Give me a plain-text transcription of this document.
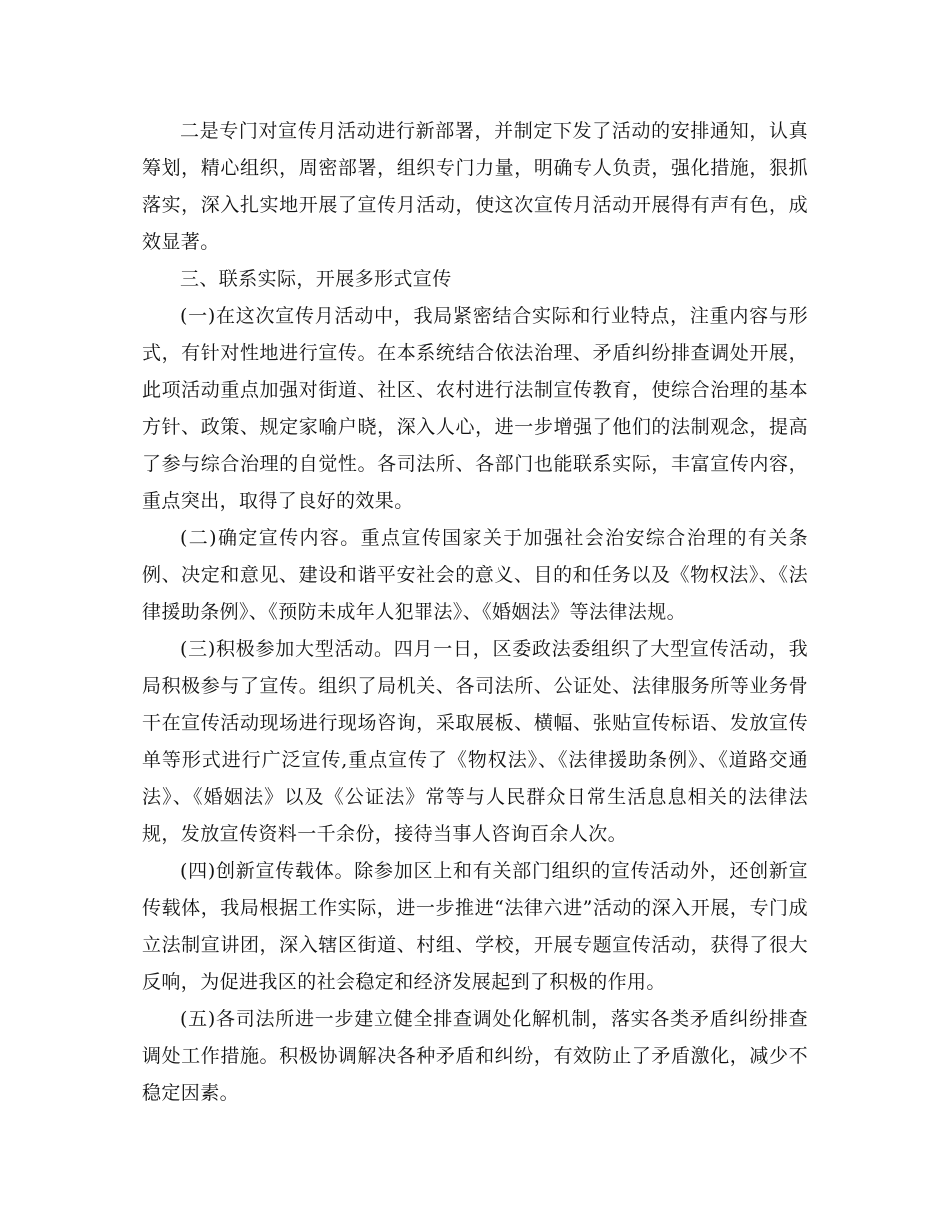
二是专门对宣传月活动进行新部署，并制定下发了活动的安排通知，认真筹划，精心组织，周密部署，组织专门力量，明确专人负责，强化措施，狠抓落实，深入扎实地开展了宣传月活动，使这次宣传月活动开展得有声有色，成效显著。

三、联系实际，开展多形式宣传

(一)在这次宣传月活动中，我局紧密结合实际和行业特点，注重内容与形式，有针对性地进行宣传。在本系统结合依法治理、矛盾纠纷排查调处开展，此项活动重点加强对街道、社区、农村进行法制宣传教育，使综合治理的基本方针、政策、规定家喻户晓，深入人心，进一步增强了他们的法制观念，提高了参与综合治理的自觉性。各司法所、各部门也能联系实际，丰富宣传内容，重点突出，取得了良好的效果。

(二)确定宣传内容。重点宣传国家关于加强社会治安综合治理的有关条例、决定和意见、建设和谐平安社会的意义、目的和任务以及《物权法》、《法律援助条例》、《预防未成年人犯罪法》、《婚姻法》等法律法规。

(三)积极参加大型活动。四月一日，区委政法委组织了大型宣传活动，我局积极参与了宣传。组织了局机关、各司法所、公证处、法律服务所等业务骨干在宣传活动现场进行现场咨询，采取展板、横幅、张贴宣传标语、发放宣传单等形式进行广泛宣传,重点宣传了《物权法》、《法律援助条例》、《道路交通法》、《婚姻法》以及《公证法》常等与人民群众日常生活息息相关的法律法规，发放宣传资料一千余份，接待当事人咨询百余人次。

(四)创新宣传载体。除参加区上和有关部门组织的宣传活动外，还创新宣传载体，我局根据工作实际，进一步推进“法律六进”活动的深入开展，专门成立法制宣讲团，深入辖区街道、村组、学校，开展专题宣传活动，获得了很大反响，为促进我区的社会稳定和经济发展起到了积极的作用。

(五)各司法所进一步建立健全排查调处化解机制，落实各类矛盾纠纷排查调处工作措施。积极协调解决各种矛盾和纠纷，有效防止了矛盾激化，减少不稳定因素。
